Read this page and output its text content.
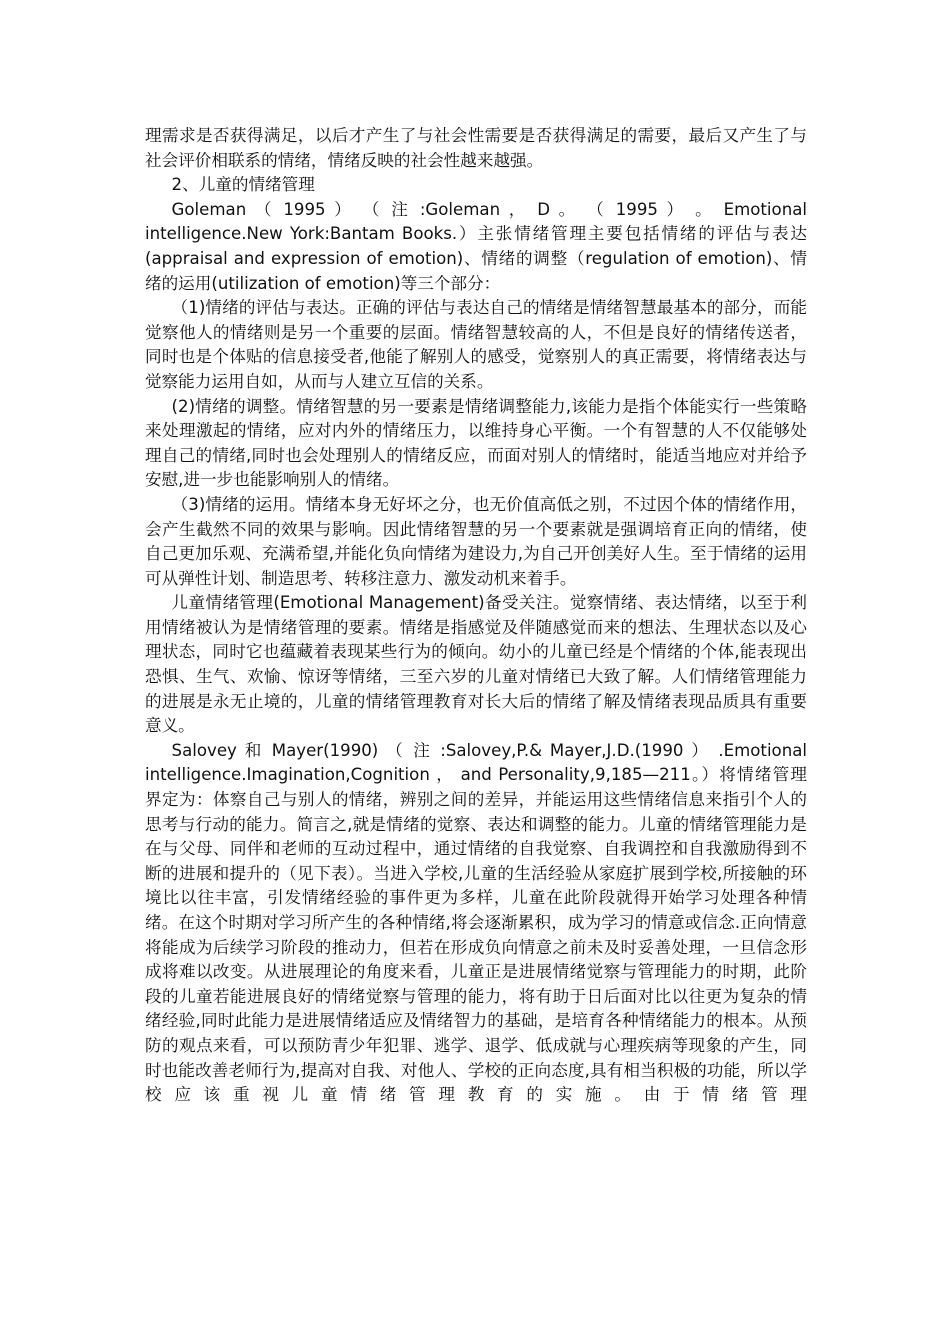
理需求是否获得满足，以后才产生了与社会性需要是否获得满足的需要，最后又产生了与社会评价相联系的情绪，情绪反映的社会性越来越强。

2、儿童的情绪管理

Goleman （ 1995 ） （ 注 :Goleman ， D 。 （ 1995 ） 。 Emotional intelligence.New York:Bantam Books.）主张情绪管理主要包括情绪的评估与表达(appraisal and expression of emotion)、情绪的调整（regulation of emotion)、情绪的运用(utilization of emotion)等三个部分：

（1)情绪的评估与表达。正确的评估与表达自己的情绪是情绪智慧最基本的部分，而能觉察他人的情绪则是另一个重要的层面。情绪智慧较高的人，不但是良好的情绪传送者，同时也是个体贴的信息接受者,他能了解别人的感受，觉察别人的真正需要，将情绪表达与觉察能力运用自如，从而与人建立互信的关系。

(2)情绪的调整。情绪智慧的另一要素是情绪调整能力,该能力是指个体能实行一些策略来处理激起的情绪，应对内外的情绪压力，以维持身心平衡。一个有智慧的人不仅能够处理自己的情绪,同时也会处理别人的情绪反应，而面对别人的情绪时，能适当地应对并给予安慰,进一步也能影响别人的情绪。

（3)情绪的运用。情绪本身无好坏之分，也无价值高低之别，不过因个体的情绪作用，会产生截然不同的效果与影响。因此情绪智慧的另一个要素就是强调培育正向的情绪，使自己更加乐观、充满希望,并能化负向情绪为建设力,为自己开创美好人生。至于情绪的运用可从弹性计划、制造思考、转移注意力、激发动机来着手。

儿童情绪管理(Emotional Management)备受关注。觉察情绪、表达情绪，以至于利用情绪被认为是情绪管理的要素。情绪是指感觉及伴随感觉而来的想法、生理状态以及心理状态，同时它也蕴藏着表现某些行为的倾向。幼小的儿童已经是个情绪的个体,能表现出恐惧、生气、欢愉、惊讶等情绪，三至六岁的儿童对情绪已大致了解。人们情绪管理能力的进展是永无止境的，儿童的情绪管理教育对长大后的情绪了解及情绪表现品质具有重要意义。

Salovey 和 Mayer(1990) （ 注 :Salovey,P.& Mayer,J.D.(1990 ） .Emotional intelligence.Imagination,Cognition ， and Personality,9,185—211。）将情绪管理界定为：体察自己与别人的情绪，辨别之间的差异，并能运用这些情绪信息来指引个人的思考与行动的能力。简言之,就是情绪的觉察、表达和调整的能力。儿童的情绪管理能力是在与父母、同伴和老师的互动过程中，通过情绪的自我觉察、自我调控和自我激励得到不断的进展和提升的（见下表）。当进入学校,儿童的生活经验从家庭扩展到学校,所接触的环境比以往丰富，引发情绪经验的事件更为多样，儿童在此阶段就得开始学习处理各种情绪。在这个时期对学习所产生的各种情绪,将会逐渐累积，成为学习的情意或信念.正向情意将能成为后续学习阶段的推动力，但若在形成负向情意之前未及时妥善处理，一旦信念形成将难以改变。从进展理论的角度来看，儿童正是进展情绪觉察与管理能力的时期，此阶段的儿童若能进展良好的情绪觉察与管理的能力，将有助于日后面对比以往更为复杂的情绪经验,同时此能力是进展情绪适应及情绪智力的基础，是培育各种情绪能力的根本。从预防的观点来看，可以预防青少年犯罪、逃学、退学、低成就与心理疾病等现象的产生，同时也能改善老师行为,提高对自我、对他人、学校的正向态度,具有相当积极的功能，所以学校应该重视儿童情绪管理教育的实施。由于情绪管理
